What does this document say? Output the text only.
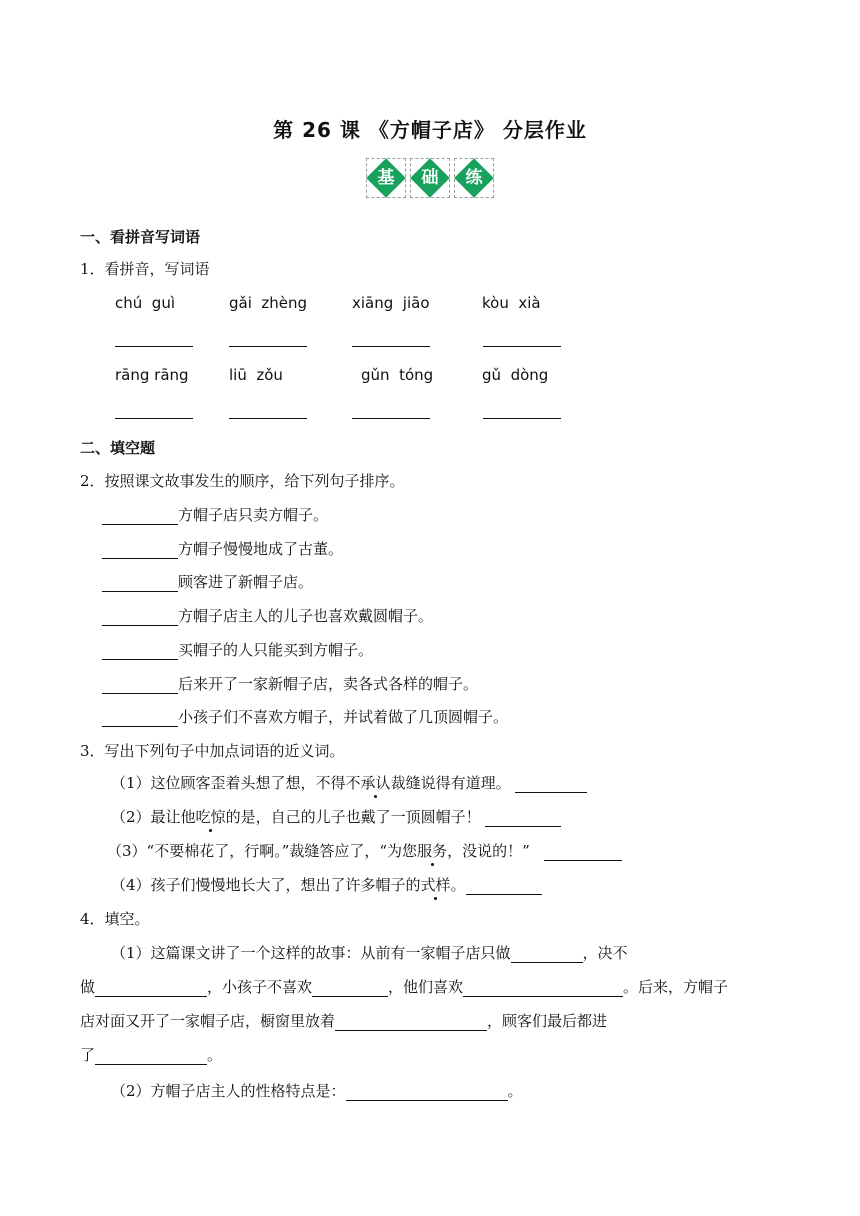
第 26 课 《方帽子店》 分层作业
基	础	练
一、看拼音写词语
1．看拼音，写词语
chú  guì	gǎi  zhèng	xiāng  jiāo	kòu  xià
rāng rāng	liū  zǒu	gǔn  tóng	gǔ  dòng
二、填空题
2．按照课文故事发生的顺序，给下列句子排序。
方帽子店只卖方帽子。
方帽子慢慢地成了古董。
顾客进了新帽子店。
方帽子店主人的儿子也喜欢戴圆帽子。
买帽子的人只能买到方帽子。
后来开了一家新帽子店，卖各式各样的帽子。
小孩子们不喜欢方帽子，并试着做了几顶圆帽子。
3．写出下列句子中加点词语的近义词。
（1）这位顾客歪着头想了想，不得不承认裁缝说得有道理。
（2）最让他吃惊的是，自己的儿子也戴了一顶圆帽子！
（3）“不要棉花了，行啊。”裁缝答应了，“为您服务，没说的！”
（4）孩子们慢慢地长大了，想出了许多帽子的式样。
4．填空。
（1）这篇课文讲了一个这样的故事：从前有一家帽子店只做	，决不
做	，小孩子不喜欢	，他们喜欢	。后来，方帽子
店对面又开了一家帽子店，橱窗里放着	，顾客们最后都进
了	。
（2）方帽子店主人的性格特点是：	。
